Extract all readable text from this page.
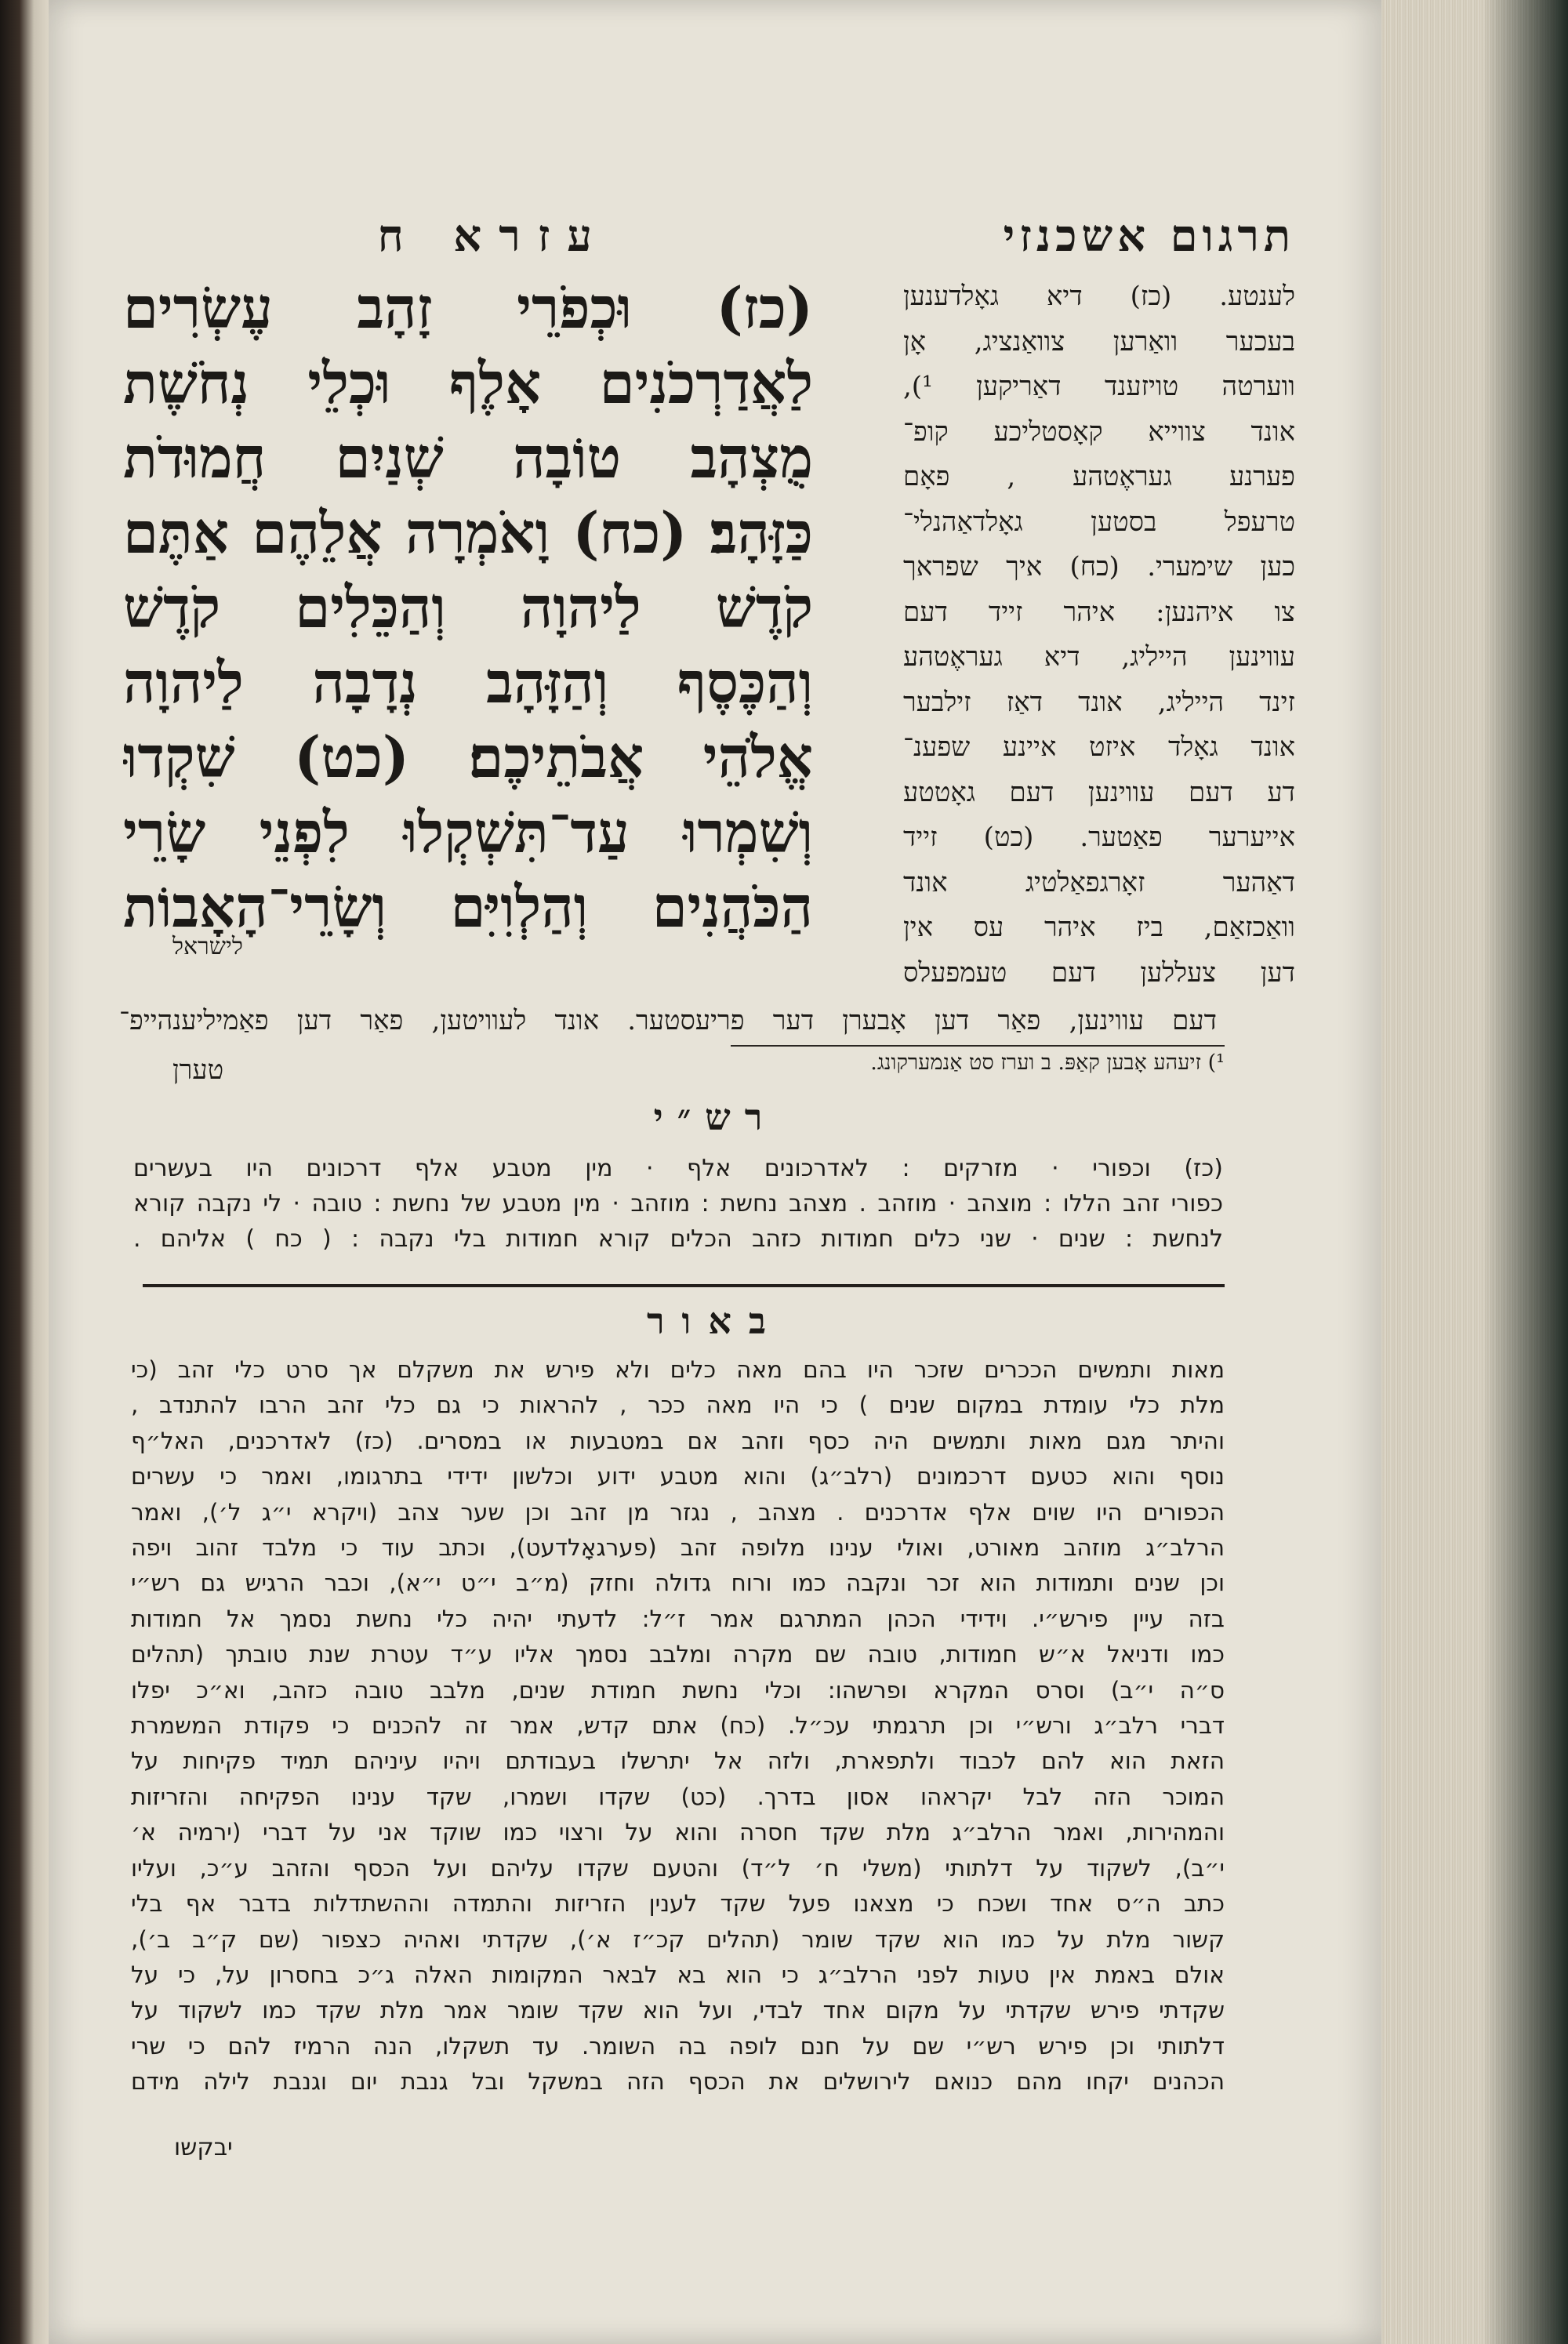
תרגום אשכנזי
עזרא ח
(כז) וּכְפֹרֵי זָהָב עֶשְׂרִים
לַאֲדַרְכֹנִים אָלֶף וּכְלֵי נְחֹשֶׁת
מֻצְהָב טוֹבָה שְׁנַיִם חֲמוּדֹת
כַּזָּהָב׃ (כח) וָאֹמְרָה אֲלֵהֶם אַתֶּם
קֹדֶשׁ לַיהוָה וְהַכֵּלִים קֹדֶשׁ
וְהַכֶּסֶף וְהַזָּהָב נְדָבָה לַיהוָה
אֱלֹהֵי אֲבֹתֵיכֶם׃ (כט) שִׁקְדוּ
וְשִׁמְרוּ עַד־תִּשְׁקְלוּ לִפְנֵי שָׂרֵי
הַכֹּהֲנִים וְהַלְוִיִּם וְשָׂרֵי־הָאָבוֹת
לענטע. (כז) דיא גאָלדענען
בעכער וואַרען צוואַנציג, אָן
ווערטה טויזענד דאַריקען ¹),
אונד צווייא קאָסטליכע קופ־
פערנע געראֶטהע , פאָם
טרעפל בסטען גאָלדאַהנלי־
כען שימערי. (כח) איך שפראך
צו איהנען: איהר זייד דעם
עווינען הייליג, דיא געראֶטהע
זינד הייליג, אונד דאַז זילבער
אונד גאָלד איזט איינע שפענ־
דע דעם עווינען דעם גאָטטע
אייערער פאַטער. (כט) זייד
דאַהער זאָרגפאַלטיג אונד
וואַכזאַם, ביז איהר עס אין
דען צעללען דעם טעמפעלס
לישראל
דעם עווינען, פאַר דען אָבערן דער פריעסטער. אונד לעוויטען, פאַר דען פאַמיליענהייפ־
¹) זיעהע אָבען קאַפּ. ב וערז סט אַנמערקונג.
טערן
רש״י
(כז) וכפורי · מזרקים : לאדרכונים אלף · מין מטבע אלף דרכונים היו בעשרים
כפורי זהב הללו : מוצהב · מוזהב . מצהב נחשת : מוזהב · מין מטבע של נחשת : טובה · לי נקבה קורא
לנחשת : שנים · שני כלים חמודות כזהב הכלים קורא חמודות בלי נקבה : ( כח ) אליהם .
באור
מאות ותמשים הככרים שזכר היו בהם מאה כלים ולא פירש את משקלם אך סרט כלי זהב (כי
מלת כלי עומדת במקום שנים ) כי היו מאה ככר , להראות כי גם כלי זהב הרבו להתנדב ,
והיתר מגם מאות ותמשים היה כסף וזהב אם במטבעות או במסרים. (כז) לאדרכנים, האל״ף
נוסף והוא כטעם דרכמונים (רלב״ג) והוא מטבע ידוע וכלשון ידידי בתרגומו, ואמר כי עשרים
הכפורים היו שוים אלף אדרכנים . מצהב , נגזר מן זהב וכן שער צהב (ויקרא י״ג ל׳), ואמר
הרלב״ג מוזהב מאורט, ואולי ענינו מלופה זהב (פערגאָלדעט), וכתב עוד כי מלבד זהוב ויפה
וכן שנים ותמודות הוא זכר ונקבה כמו ורוח גדולה וחזק (מ״ב י״ט י״א), וכבר הרגיש גם רש״י
בזה עיין פירש״י. וידידי הכהן המתרגם אמר ז״ל: לדעתי יהיה כלי נחשת נסמך אל חמודות
כמו ודניאל א״ש חמודות, טובה שם מקרה ומלבב נסמך אליו ע״ד עטרת שנת טובתך (תהלים
ס״ה י״ב) וסרס המקרא ופרשהו: וכלי נחשת חמודת שנים, מלבב טובה כזהב, וא״כ יפלו
דברי רלב״ג ורש״י וכן תרגמתי עכ״ל. (כח) אתם קדש, אמר זה להכנים כי פקודת המשמרת
הזאת הוא להם לכבוד ולתפארת, ולזה אל יתרשלו בעבודתם ויהיו עיניהם תמיד פקיחות על
המוכר הזה לבל יקראהו אסון בדרך. (כט) שקדו ושמרו, שקד ענינו הפקיחה והזריזות
והמהירות, ואמר הרלב״ג מלת שקד חסרה והוא על ורצוי כמו שוקד אני על דברי (ירמיה א׳
י״ב), לשקוד על דלתותי (משלי ח׳ ל״ד) והטעם שקדו עליהם ועל הכסף והזהב ע״כ, ועליו
כתב ה״ס אחד ושכח כי מצאנו פעל שקד לענין הזריזות והתמדה וההשתדלות בדבר אף בלי
קשור מלת על כמו הוא שקד שומר (תהלים קכ״ז א׳), שקדתי ואהיה כצפור (שם ק״ב ב׳),
אולם באמת אין טעות לפני הרלב״ג כי הוא בא לבאר המקומות האלה ג״כ בחסרון על, כי על
שקדתי פירש שקדתי על מקום אחד לבדי, ועל הוא שקד שומר אמר מלת שקד כמו לשקוד על
דלתותי וכן פירש רש״י שם על חנם לופה בה השומר. עד תשקלו, הנה הרמיז להם כי שרי
הכהנים יקחו מהם כנואם לירושלים את הכסף הזה במשקל ובל גנבת יום וגנבת לילה מידם
יבקשו
